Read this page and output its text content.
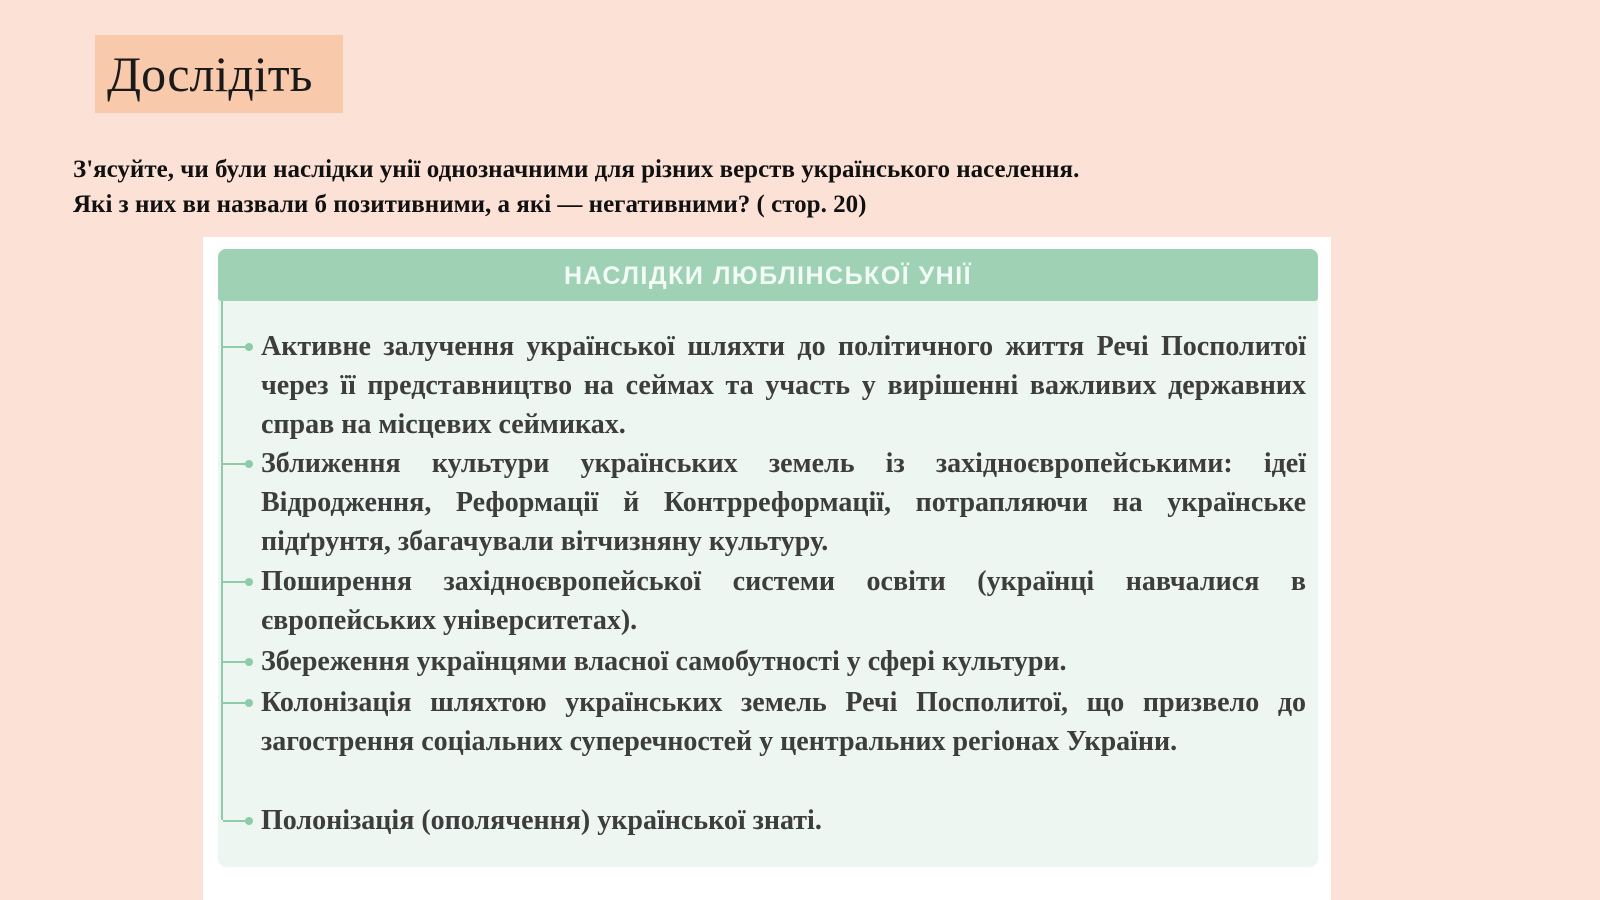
Дослідіть
З'ясуйте, чи були наслідки унії однозначними для різних верств українського населення.
Які з них ви назвали б позитивними, а які — негативними? ( стор. 20)
НАСЛІДКИ ЛЮБЛІНСЬКОЇ УНІЇ
Активне залучення української шляхти до політичного життя Речі Посполитої через її представництво на сеймах та участь у вирішенні важливих державних справ на місцевих сеймиках.
Зближення культури українських земель із західноєвропейськими: ідеї Відродження, Реформації й Контрреформації, потрапляючи на українське підґрунтя, збагачували вітчизняну культуру.
Поширення західноєвропейської системи освіти (українці навчалися в європейських університетах).
Збереження українцями власної самобутності у сфері культури.
Колонізація шляхтою українських земель Речі Посполитої, що призвело до загострення соціальних суперечностей у центральних регіонах України.
Полонізація (ополячення) української знаті.
